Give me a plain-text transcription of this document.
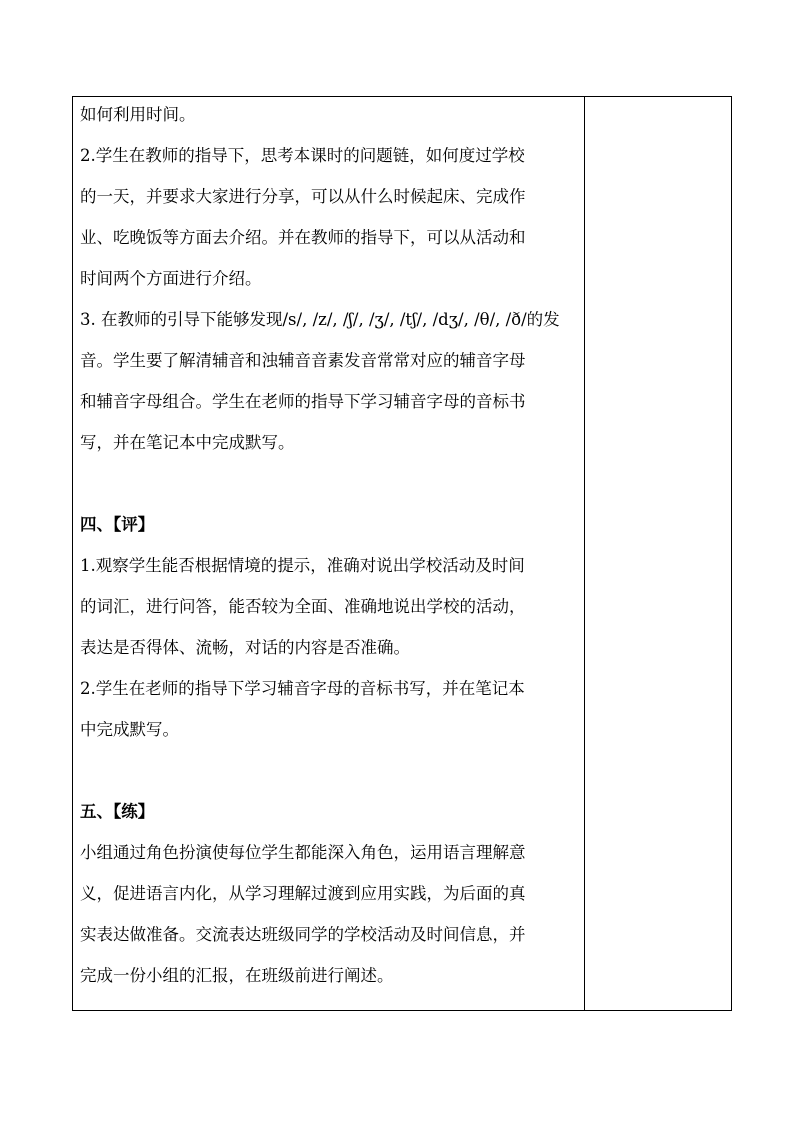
如何利用时间。
2.学生在教师的指导下，思考本课时的问题链，如何度过学校
的一天，并要求大家进行分享，可以从什么时候起床、完成作
业、吃晚饭等方面去介绍。并在教师的指导下，可以从活动和
时间两个方面进行介绍。
3. 在教师的引导下能够发现/s/, /z/, /ʃ/, /ʒ/, /tʃ/, /dʒ/, /θ/, /ð/的发
音。学生要了解清辅音和浊辅音音素发音常常对应的辅音字母
和辅音字母组合。学生在老师的指导下学习辅音字母的音标书
写，并在笔记本中完成默写。
四、【评】
1.观察学生能否根据情境的提示，准确对说出学校活动及时间
的词汇，进行问答，能否较为全面、准确地说出学校的活动，
表达是否得体、流畅，对话的内容是否准确。
2.学生在老师的指导下学习辅音字母的音标书写，并在笔记本
中完成默写。
五、【练】
小组通过角色扮演使每位学生都能深入角色，运用语言理解意
义，促进语言内化，从学习理解过渡到应用实践，为后面的真
实表达做准备。交流表达班级同学的学校活动及时间信息，并
完成一份小组的汇报，在班级前进行阐述。
